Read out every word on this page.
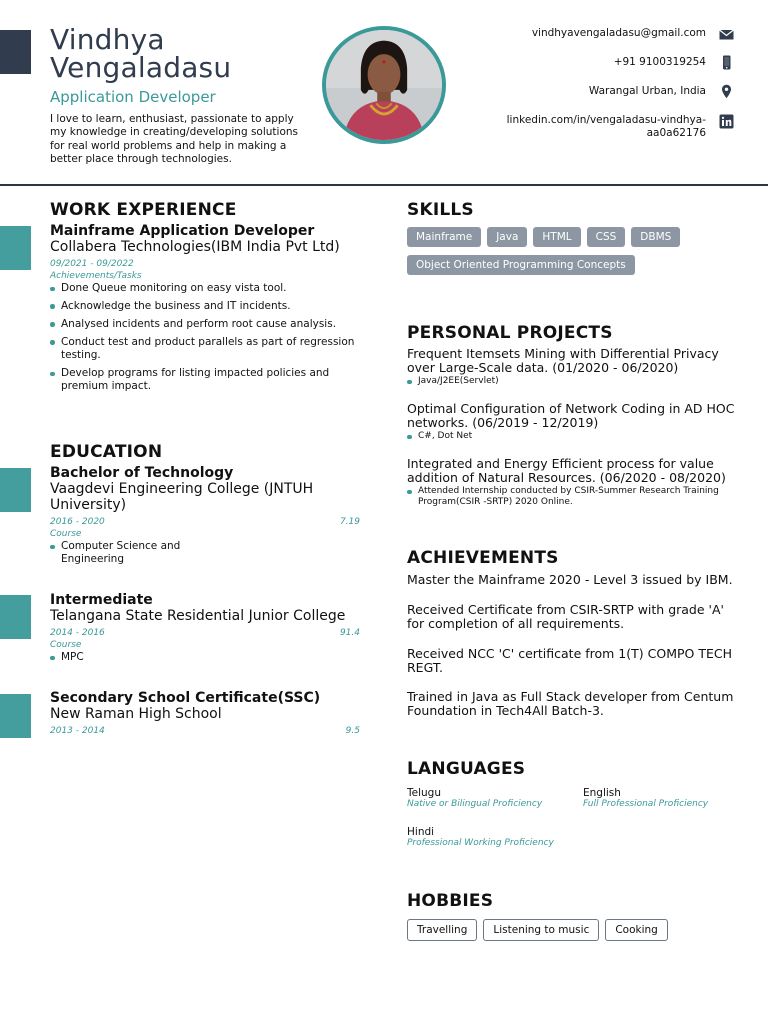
Vindhya
Vengaladasu
Application Developer
I love to learn, enthusiast, passionate to apply my knowledge in creating/developing solutions for real world problems and help in making a better place through technologies.
vindhyavengaladasu@gmail.com
+91 9100319254
Warangal Urban, India
linkedin.com/in/vengaladasu-vindhya-
aa0a62176
WORK EXPERIENCE
Mainframe Application Developer
Collabera Technologies(IBM India Pvt Ltd)
09/2021 - 09/2022
Achievements/Tasks
Done Queue monitoring on easy vista tool.
Acknowledge the business and IT incidents.
Analysed incidents and perform root cause analysis.
Conduct test and product parallels as part of regression testing.
Develop programs for listing impacted policies and premium impact.
EDUCATION
Bachelor of Technology
Vaagdevi Engineering College (JNTUH University)
2016 - 2020	7.19
Course
Computer Science and Engineering
Intermediate
Telangana State Residential Junior College
2014 - 2016	91.4
Course
MPC
Secondary School Certificate(SSC)
New Raman High School
2013 - 2014	9.5
SKILLS
Mainframe	Java	HTML	CSS	DBMS
Object Oriented Programming Concepts
PERSONAL PROJECTS
Frequent Itemsets Mining with Differential Privacy over Large-Scale data. (01/2020 - 06/2020)
Java/J2EE(Servlet)
Optimal Configuration of Network Coding in AD HOC networks. (06/2019 - 12/2019)
C#, Dot Net
Integrated and Energy Efficient process for value addition of Natural Resources. (06/2020 - 08/2020)
Attended Internship conducted by CSIR-Summer Research Training Program(CSIR -SRTP) 2020 Online.
ACHIEVEMENTS
Master the Mainframe 2020 - Level 3 issued by IBM.
Received Certificate from CSIR-SRTP with grade 'A' for completion of all requirements.
Received NCC 'C' certificate from 1(T) COMPO TECH REGT.
Trained in Java as Full Stack developer from Centum Foundation in Tech4All Batch-3.
LANGUAGES
Telugu
Native or Bilingual Proficiency
English
Full Professional Proficiency
Hindi
Professional Working Proficiency
HOBBIES
Travelling	Listening to music	Cooking
